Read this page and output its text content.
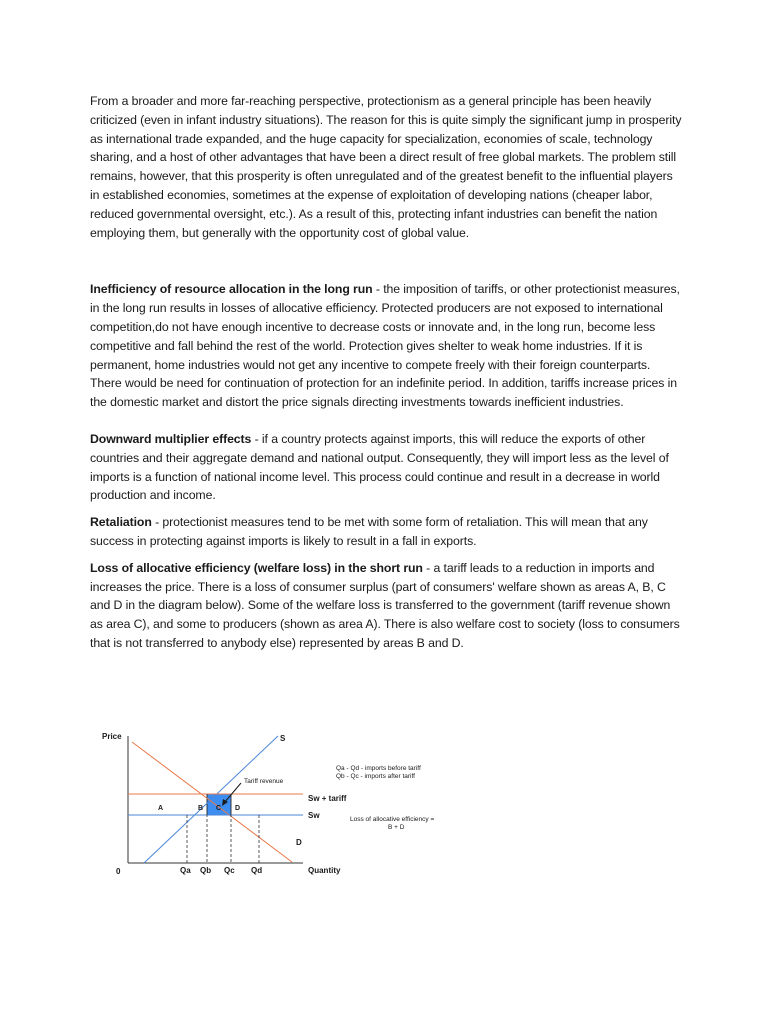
From a broader and more far-reaching perspective, protectionism as a general principle has been heavily criticized (even in infant industry situations). The reason for this is quite simply the significant jump in prosperity as international trade expanded, and the huge capacity for specialization, economies of scale, technology sharing, and a host of other advantages that have been a direct result of free global markets. The problem still remains, however, that this prosperity is often unregulated and of the greatest benefit to the influential players in established economies, sometimes at the expense of exploitation of developing nations (cheaper labor, reduced governmental oversight, etc.). As a result of this, protecting infant industries can benefit the nation employing them, but generally with the opportunity cost of global value.

Inefficiency of resource allocation in the long run - the imposition of tariffs, or other protectionist measures, in the long run results in losses of allocative efficiency. Protected producers are not exposed to international competition,do not have enough incentive to decrease costs or innovate and, in the long run, become less competitive and fall behind the rest of the world. Protection gives shelter to weak home industries. If it is permanent, home industries would not get any incentive to compete freely with their foreign counterparts. There would be need for continuation of protection for an indefinite period. In addition, tariffs increase prices in the domestic market and distort the price signals directing investments towards inefficient industries.

Downward multiplier effects - if a country protects against imports, this will reduce the exports of other countries and their aggregate demand and national output. Consequently, they will import less as the level of imports is a function of national income level. This process could continue and result in a decrease in world production and income.

Retaliation - protectionist measures tend to be met with some form of retaliation. This will mean that any success in protecting against imports is likely to result in a fall in exports.

Loss of allocative efficiency (welfare loss) in the short run - a tariff leads to a reduction in imports and increases the price. There is a loss of consumer surplus (part of consumers' welfare shown as areas A, B, C and D in the diagram below). Some of the welfare loss is transferred to the government (tariff revenue shown as area C), and some to producers (shown as area A). There is also welfare cost to society (loss to consumers that is not transferred to anybody else) represented by areas B and D.

Price
0	Quantity
S
D
Sw + tariff
Sw
Tariff revenue
A	B C D
Qa Qb Qc Qd
Qa - Qd - imports before tariff
Qb - Qc - imports after tariff
Loss of allocative efficiency =
B + D
